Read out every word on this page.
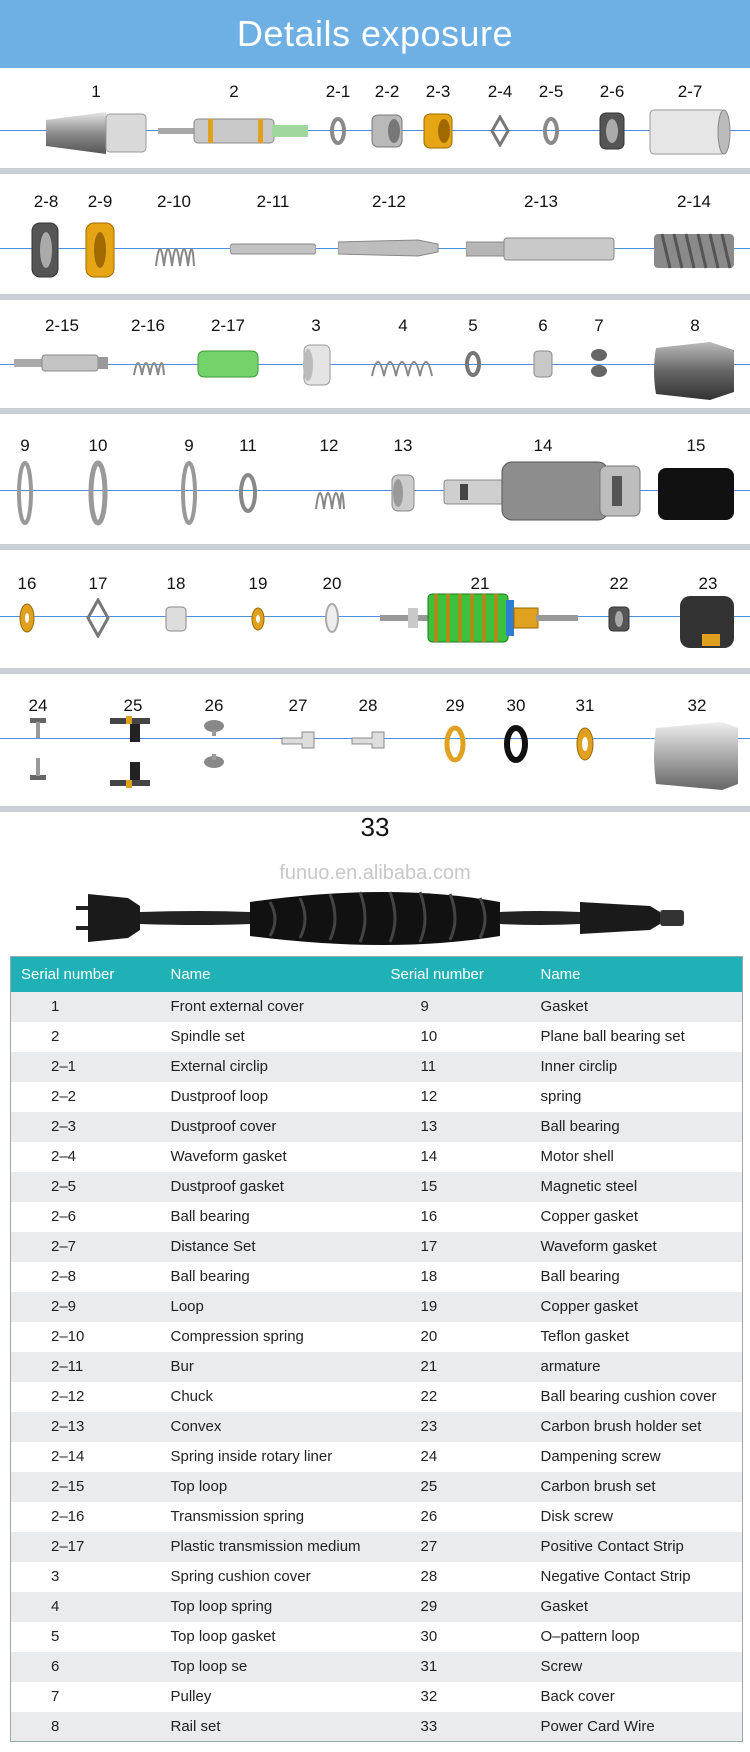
Details exposure
1	2	2-1 2-2 2-3 2-4 2-5 2-6	2-7
2-8 2-9	2-10	2-11	2-12	2-13	2-14
2-15	2-16	2-17	3	4	5	6	7	8
9	10	9	11	12	13	14	15
16	17	18	19	20	21	22	23
24	25	26	27	28	29 30	31	32
33
funuo.en.alibaba.com
Serial number	Name	Serial number	Name
1	Front external cover	9	Gasket
2	Spindle set	10	Plane ball bearing set
2–1	External circlip	11	Inner circlip
2–2	Dustproof loop	12	spring
2–3	Dustproof cover	13	Ball bearing
2–4	Waveform gasket	14	Motor shell
2–5	Dustproof gasket	15	Magnetic steel
2–6	Ball bearing	16	Copper gasket
2–7	Distance Set	17	Waveform gasket
2–8	Ball bearing	18	Ball bearing
2–9	Loop	19	Copper gasket
2–10	Compression spring	20	Teflon gasket
2–11	Bur	21	armature
2–12	Chuck	22	Ball bearing cushion cover
2–13	Convex	23	Carbon brush holder set
2–14	Spring inside rotary liner	24	Dampening screw
2–15	Top loop	25	Carbon brush set
2–16	Transmission spring	26	Disk screw
2–17	Plastic transmission medium	27	Positive Contact Strip
3	Spring cushion cover	28	Negative Contact Strip
4	Top loop spring	29	Gasket
5	Top loop gasket	30	O–pattern loop
6	Top loop se	31	Screw
7	Pulley	32	Back cover
8	Rail set	33	Power Card Wire
